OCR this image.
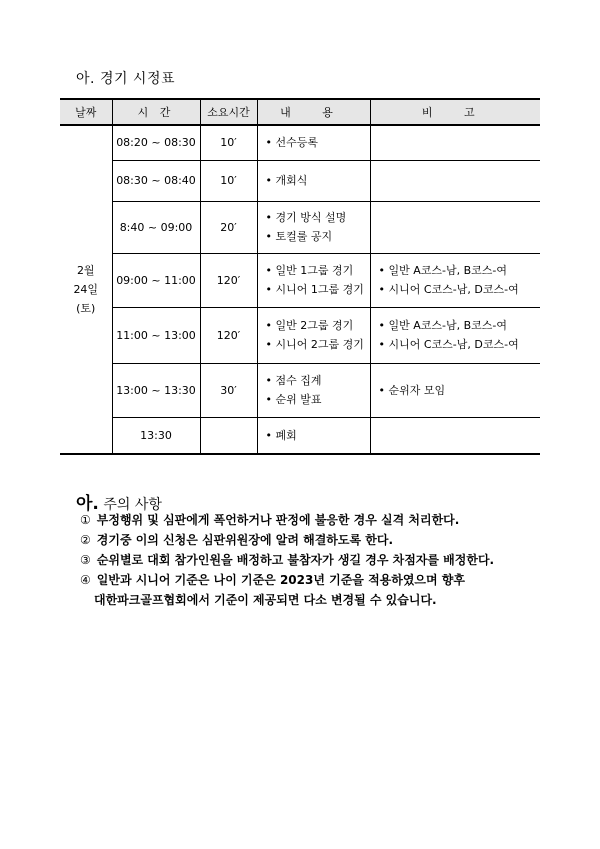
아. 경기 시정표
날짜	시 간	소요시간	내 용	비 고

2월
24일
(토)	08:20 ~ 08:30	10′	• 선수등록	

	08:30 ~ 08:40	10′	• 개회식	

	8:40 ~ 09:00	20′	• 경기 방식 설명
• 토컬룰 공지	

	09:00 ~ 11:00	120′	• 일반 1그룹 경기
• 시니어 1그룹 경기	• 일반 A코스-남, B코스-여
• 시니어 C코스-남, D코스-여

	11:00 ~ 13:00	120′	• 일반 2그룹 경기
• 시니어 2그룹 경기	• 일반 A코스-남, B코스-여
• 시니어 C코스-남, D코스-여

	13:00 ~ 13:30	30′	• 점수 집계
• 순위 발표	• 순위자 모임

	13:30		• 폐회	

아. 주의 사항
① 부정행위 및 심판에게 폭언하거나 판정에 불응한 경우 실격 처리한다.
② 경기중 이의 신청은 심판위원장에 알려 해결하도록 한다.
③ 순위별로 대회 참가인원을 배정하고 불참자가 생길 경우 차점자를 배정한다.
④ 일반과 시니어 기준은 나이 기준은 2023년 기준을 적용하였으며 향후
대한파크골프협회에서 기준이 제공되면 다소 변경될 수 있습니다.
